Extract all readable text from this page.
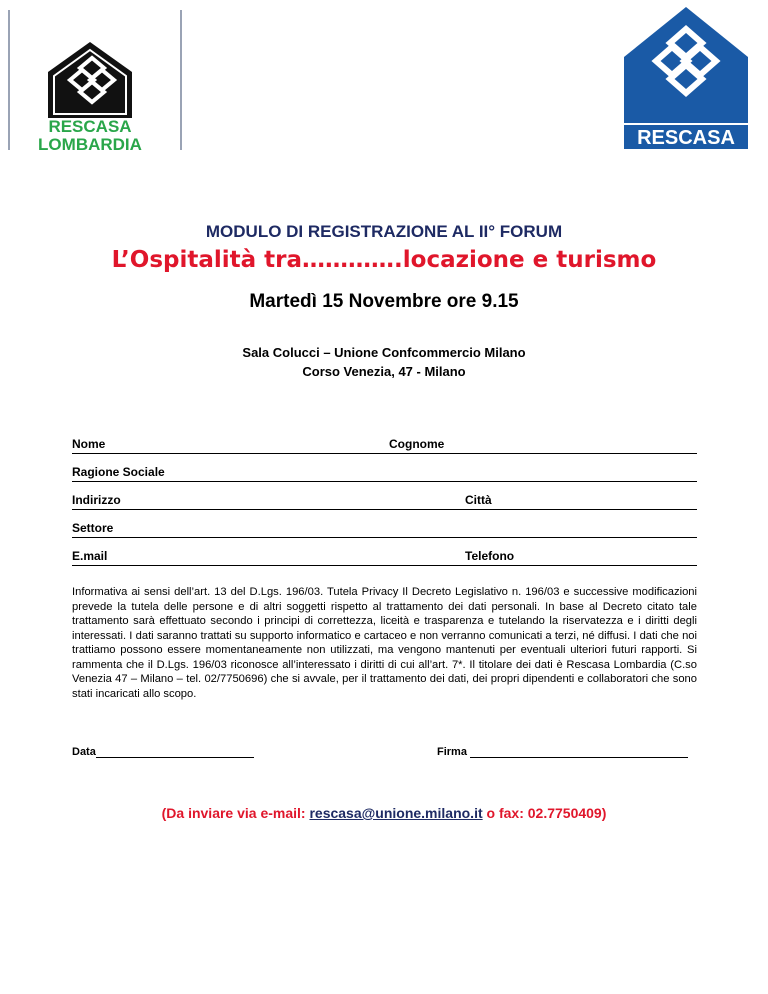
RESCASA
LOMBARDIA	RESCASA
MODULO DI REGISTRAZIONE AL II° FORUM
L’Ospitalità tra………….locazione e turismo
Martedì 15 Novembre ore 9.15
Sala Colucci – Unione Confcommercio Milano
Corso Venezia, 47 - Milano
Nome	Cognome
Ragione Sociale
Indirizzo	Città
Settore
E.mail	Telefono
Informativa ai sensi dell’art. 13 del D.Lgs. 196/03. Tutela Privacy Il Decreto Legislativo n. 196/03 e successive modificazioni prevede la tutela delle persone e di altri soggetti rispetto al trattamento dei dati personali. In base al Decreto citato tale trattamento sarà effettuato secondo i principi di correttezza, liceità e trasparenza e tutelando la riservatezza e i diritti degli interessati. I dati saranno trattati su supporto informatico e cartaceo e non verranno comunicati a terzi, né diffusi. I dati che noi trattiamo possono essere momentaneamente non utilizzati, ma vengono mantenuti per eventuali ulteriori futuri rapporti. Si rammenta che il D.Lgs. 196/03 riconosce all’interessato i diritti di cui all’art. 7*. Il titolare dei dati è Rescasa Lombardia (C.so Venezia 47 – Milano – tel. 02/7750696) che si avvale, per il trattamento dei dati, dei propri dipendenti e collaboratori che sono stati incaricati allo scopo.
Data	Firma
(Da inviare via e-mail: rescasa@unione.milano.it o fax: 02.7750409)
